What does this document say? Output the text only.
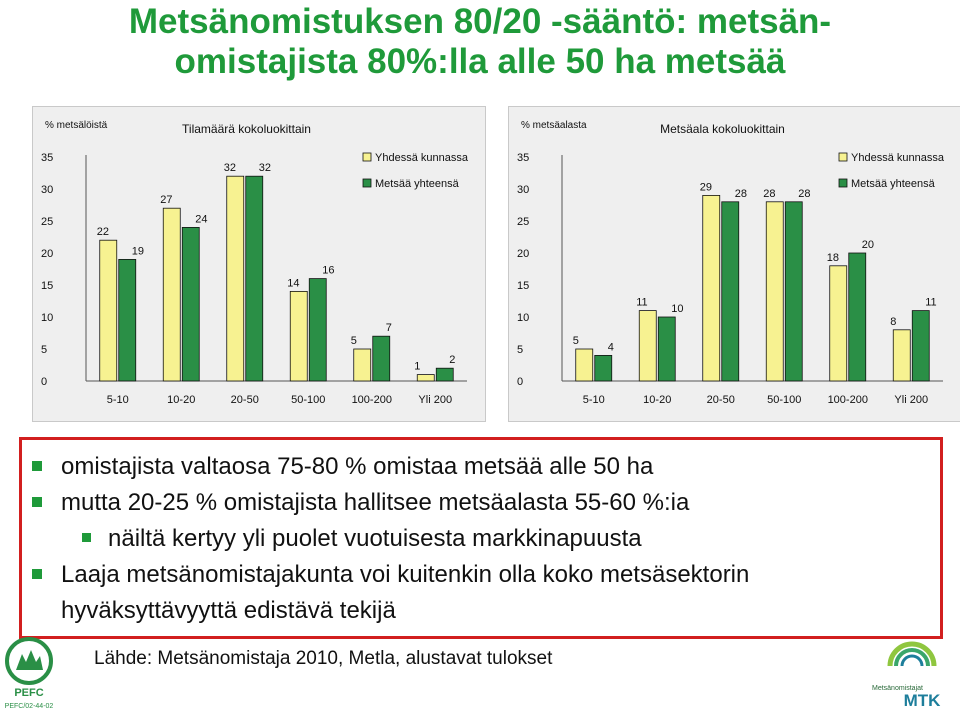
Metsänomistuksen 80/20 -sääntö: metsän-
omistajista 80%:lla alle 50 ha metsää
% metsälöistä	Tilamäärä kokoluokittain
0
5
10
15
20
25
30
35
22
19
5-10
27
24
10-20
32 32
20-50
14
16
50-100
5
7
100-200
1
2
Yli 200
Yhdessä kunnassa
Metsää yhteensä
% metsäalasta	Metsäala kokoluokittain
0
5
10
15
20
25
30
35
5
4
5-10
11
10
10-20
29
28
20-50
28 28
50-100
18
20
100-200
8
11
Yli 200
Yhdessä kunnassa
Metsää yhteensä
omistajista valtaosa 75-80 % omistaa metsää alle 50 ha
mutta 20-25 % omistajista hallitsee metsäalasta 55-60 %:ia
näiltä kertyy yli puolet vuotuisesta markkinapuusta
Laaja metsänomistajakunta voi kuitenkin olla koko metsäsektorin
hyväksyttävyyttä edistävä tekijä
Lähde: Metsänomistaja 2010, Metla, alustavat tulokset
PEFC
PEFC/02-44-02
Metsänomistajat
MTK
